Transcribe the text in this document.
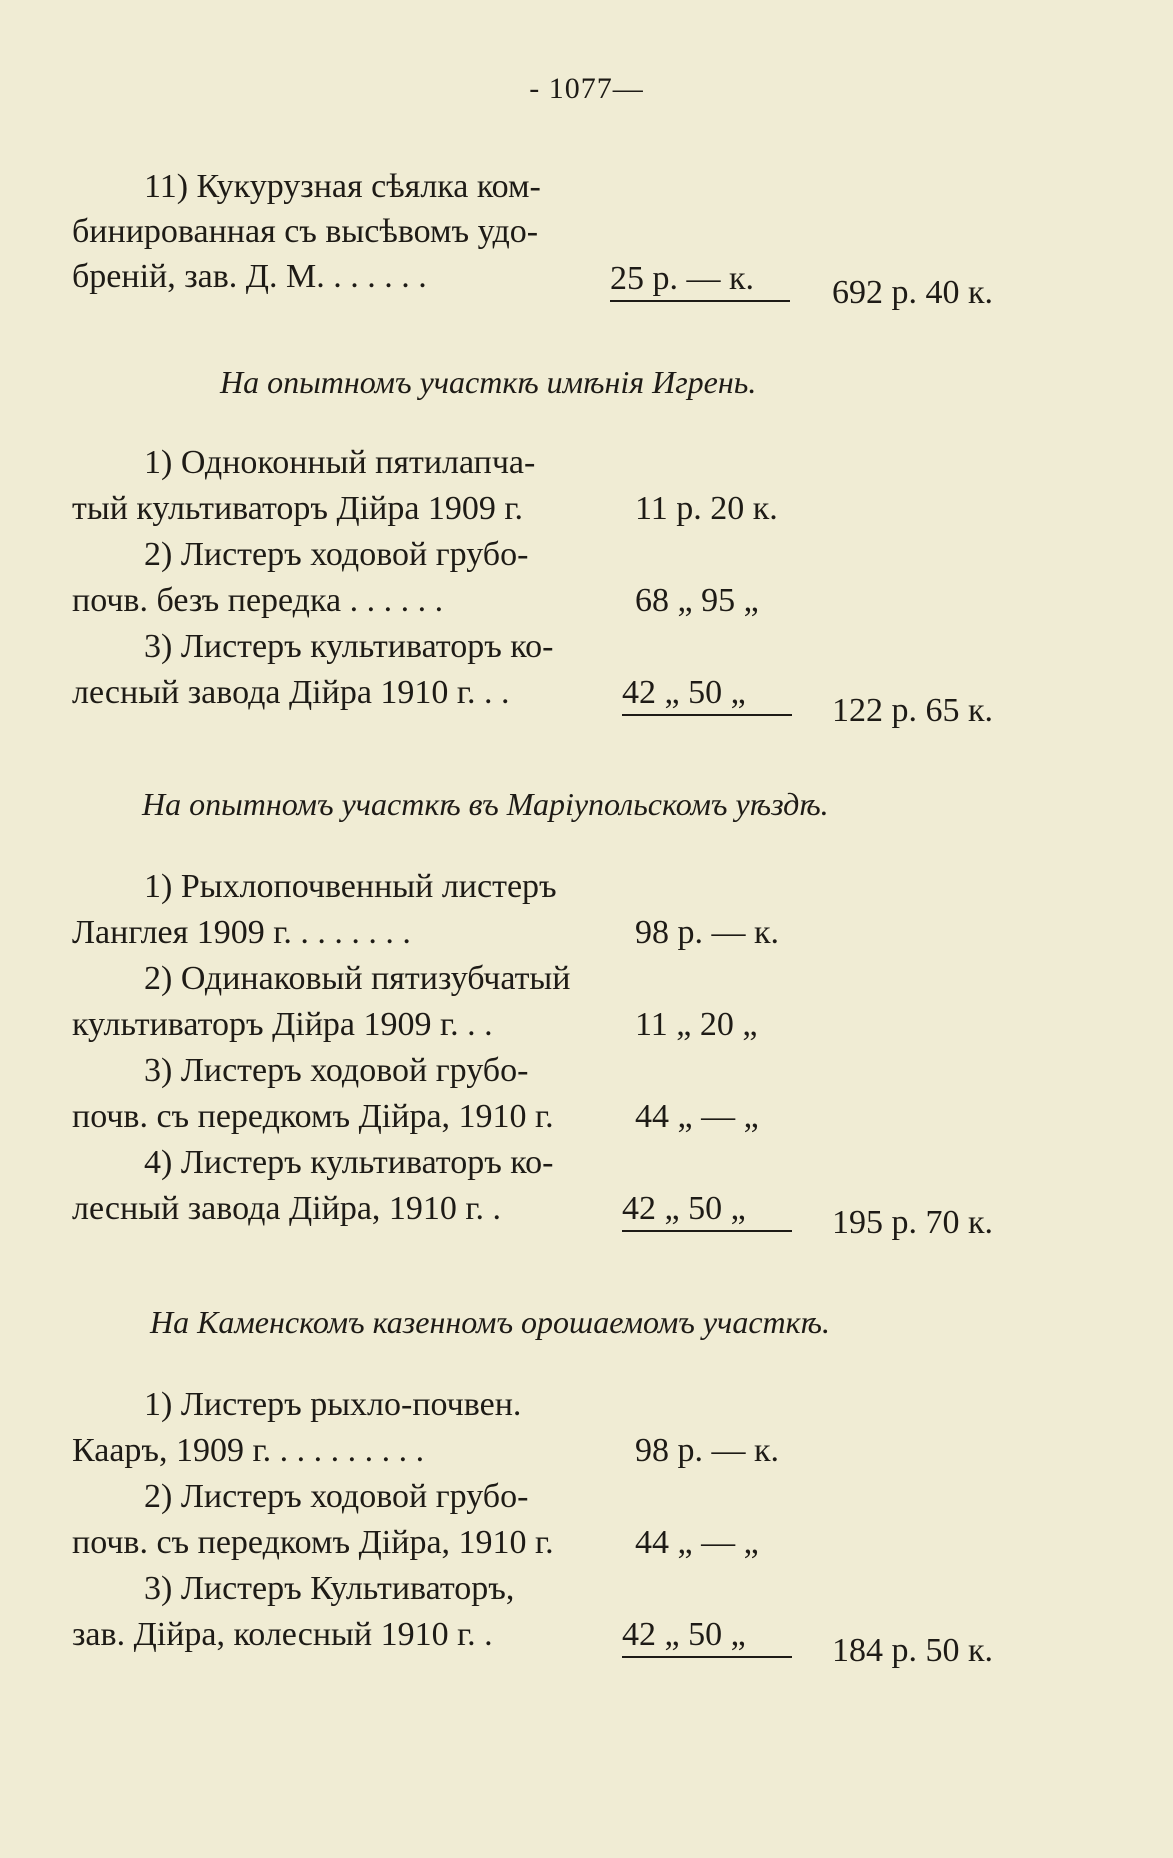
- 1077—
11) Кукурузная сѣялка ком-
бинированная съ высѣвомъ удо-
бреній, зав. Д. М. . . . . . .	25 р. — к.	692 р. 40 к.
На опытномъ участкѣ имѣнія Игрень.
1) Одноконный пятилапча-
тый культиваторъ Дійра 1909 г.	11 р. 20 к.
2) Листеръ ходовой грубо-
почв. безъ передка . . . . . .	68 „ 95 „
3) Листеръ культиваторъ ко-
лесный завода Дійра 1910 г. . .	42 „ 50 „	122 р. 65 к.
На опытномъ участкѣ въ Маріупольскомъ уѣздѣ.
1) Рыхлопочвенный листеръ
Ланглея 1909 г. . . . . . . .	98 р. — к.
2) Одинаковый пятизубчатый
культиваторъ Дійра 1909 г. . .	11 „ 20 „
3) Листеръ ходовой грубо-
почв. съ передкомъ Дійра, 1910 г. 44 „ — „
4) Листеръ культиваторъ ко-
лесный завода Дійра, 1910 г. .	42 „ 50 „	195 р. 70 к.
На Каменскомъ казенномъ орошаемомъ участкѣ.
1) Листеръ рыхло-почвен.
Кааръ, 1909 г. . . . . . . . . .	98 р. — к.
2) Листеръ ходовой грубо-
почв. съ передкомъ Дійра, 1910 г. 44 „ — „
3) Листеръ Культиваторъ,
зав. Дійра, колесный 1910 г. .	42 „ 50 „	184 р. 50 к.
